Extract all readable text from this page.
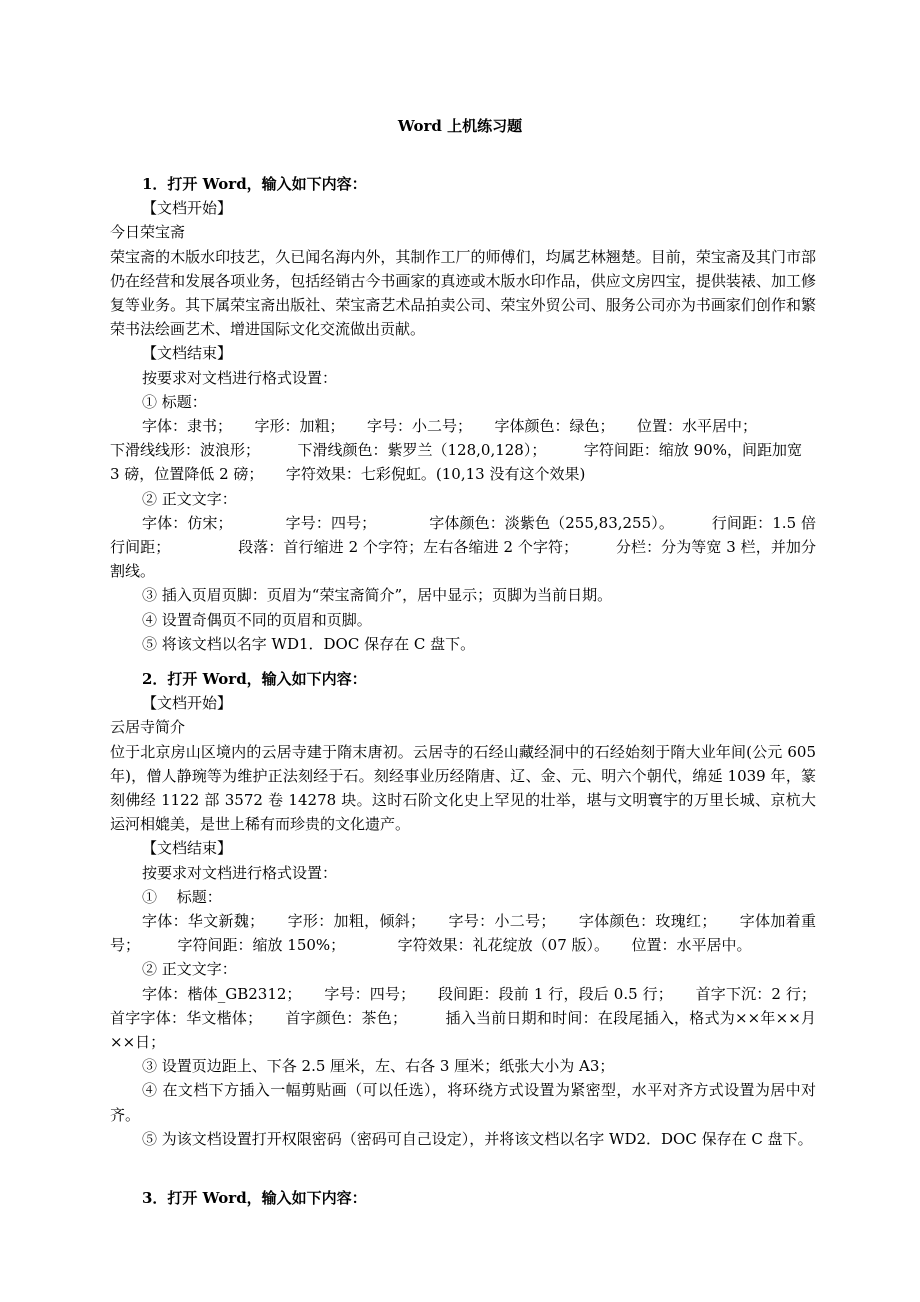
Word 上机练习题
1．打开 Word，输入如下内容：
【文档开始】
今日荣宝斋

荣宝斋的木版水印技艺，久已闻名海内外，其制作工厂的师傅们，均属艺林翘楚。目前，荣宝斋及其门市部仍在经营和发展各项业务，包括经销古今书画家的真迹或木版水印作品，供应文房四宝，提供装裱、加工修复等业务。其下属荣宝斋出版社、荣宝斋艺术品拍卖公司、荣宝外贸公司、服务公司亦为书画家们创作和繁荣书法绘画艺术、增进国际文化交流做出贡献。

【文档结束】
按要求对文档进行格式设置：
① 标题：
字体：隶书；　　字形：加粗；　　字号：小二号；　　字体颜色：绿色；　　位置：水平居中；
下滑线线形：波浪形；　　　下滑线颜色：紫罗兰（128,0,128）；　　　字符间距：缩放 90%，间距加宽
3 磅，位置降低 2 磅；　　字符效果：七彩倪虹。(10,13 没有这个效果)
② 正文文字：

字体：仿宋；　　　　字号：四号；　　　　字体颜色：淡紫色（255,83,255）。　　　行间距：1.5 倍行间距；　　　　　段落：首行缩进 2 个字符；左右各缩进 2 个字符；　　　分栏：分为等宽 3 栏，并加分割线。

③ 插入页眉页脚：页眉为“荣宝斋简介”，居中显示；页脚为当前日期。
④ 设置奇偶页不同的页眉和页脚。
⑤ 将该文档以名字 WD1．DOC 保存在 C 盘下。
2．打开 Word，输入如下内容：
【文档开始】
云居寺简介

位于北京房山区境内的云居寺建于隋末唐初。云居寺的石经山藏经洞中的石经始刻于隋大业年间(公元 605 年)，僧人静琬等为维护正法刻经于石。刻经事业历经隋唐、辽、金、元、明六个朝代，绵延 1039 年，篆刻佛经 1122 部 3572 卷 14278 块。这时石阶文化史上罕见的壮举，堪与文明寰宇的万里长城、京杭大运河相媲美，是世上稀有而珍贵的文化遗产。

【文档结束】
按要求对文档进行格式设置：
①　 标题：

字体：华文新魏；　　字形：加粗，倾斜；　　字号：小二号；　　字体颜色：玫瑰红；　　字体加着重号；　　　字符间距：缩放 150%；　　　　字符效果：礼花绽放（07 版）。　　位置：水平居中。

② 正文文字：

字体：楷体_GB2312；　　字号：四号；　　段间距：段前 1 行，段后 0.5 行；　　首字下沉：2 行；首字字体：华文楷体；　　首字颜色：茶色；　　　插入当前日期和时间：在段尾插入，格式为××年××月××日；

③ 设置页边距上、下各 2.5 厘米，左、右各 3 厘米；纸张大小为 A3；

④ 在文档下方插入一幅剪贴画（可以任选），将环绕方式设置为紧密型，水平对齐方式设置为居中对齐。

⑤ 为该文档设置打开权限密码（密码可自己设定），并将该文档以名字 WD2．DOC 保存在 C 盘下。

3．打开 Word，输入如下内容：
